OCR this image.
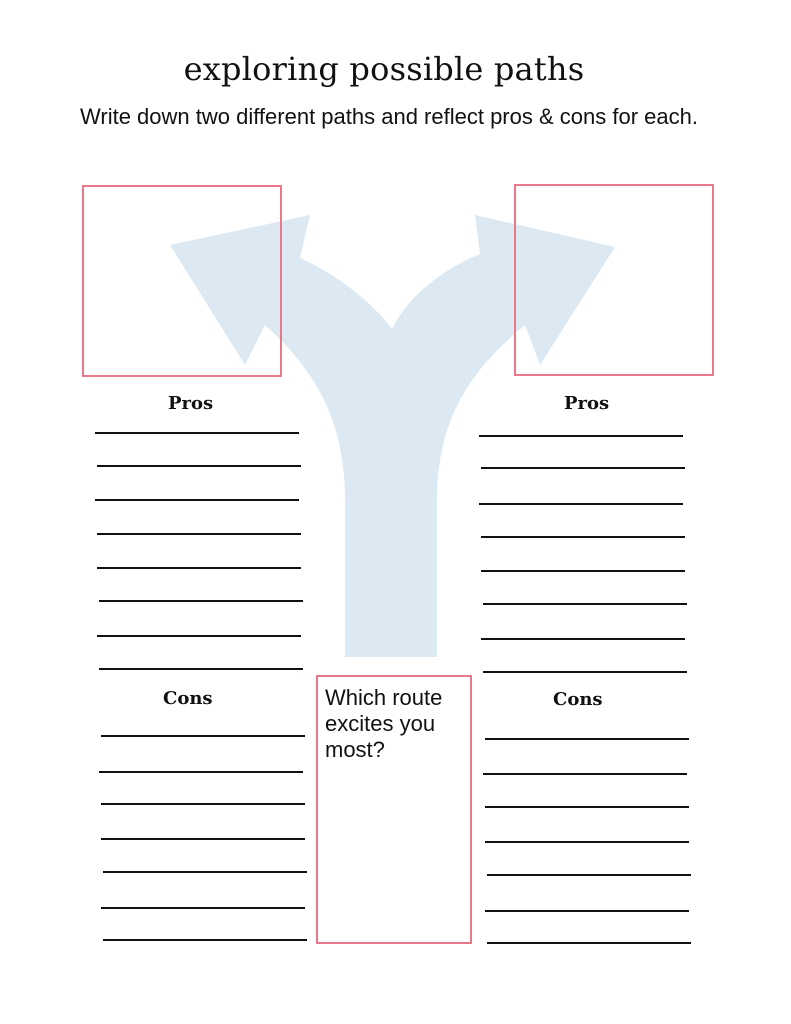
exploring possible paths
Write down two different paths and reflect pros & cons for each.
Pros	Pros
Cons	Cons
Which route excites you most?
